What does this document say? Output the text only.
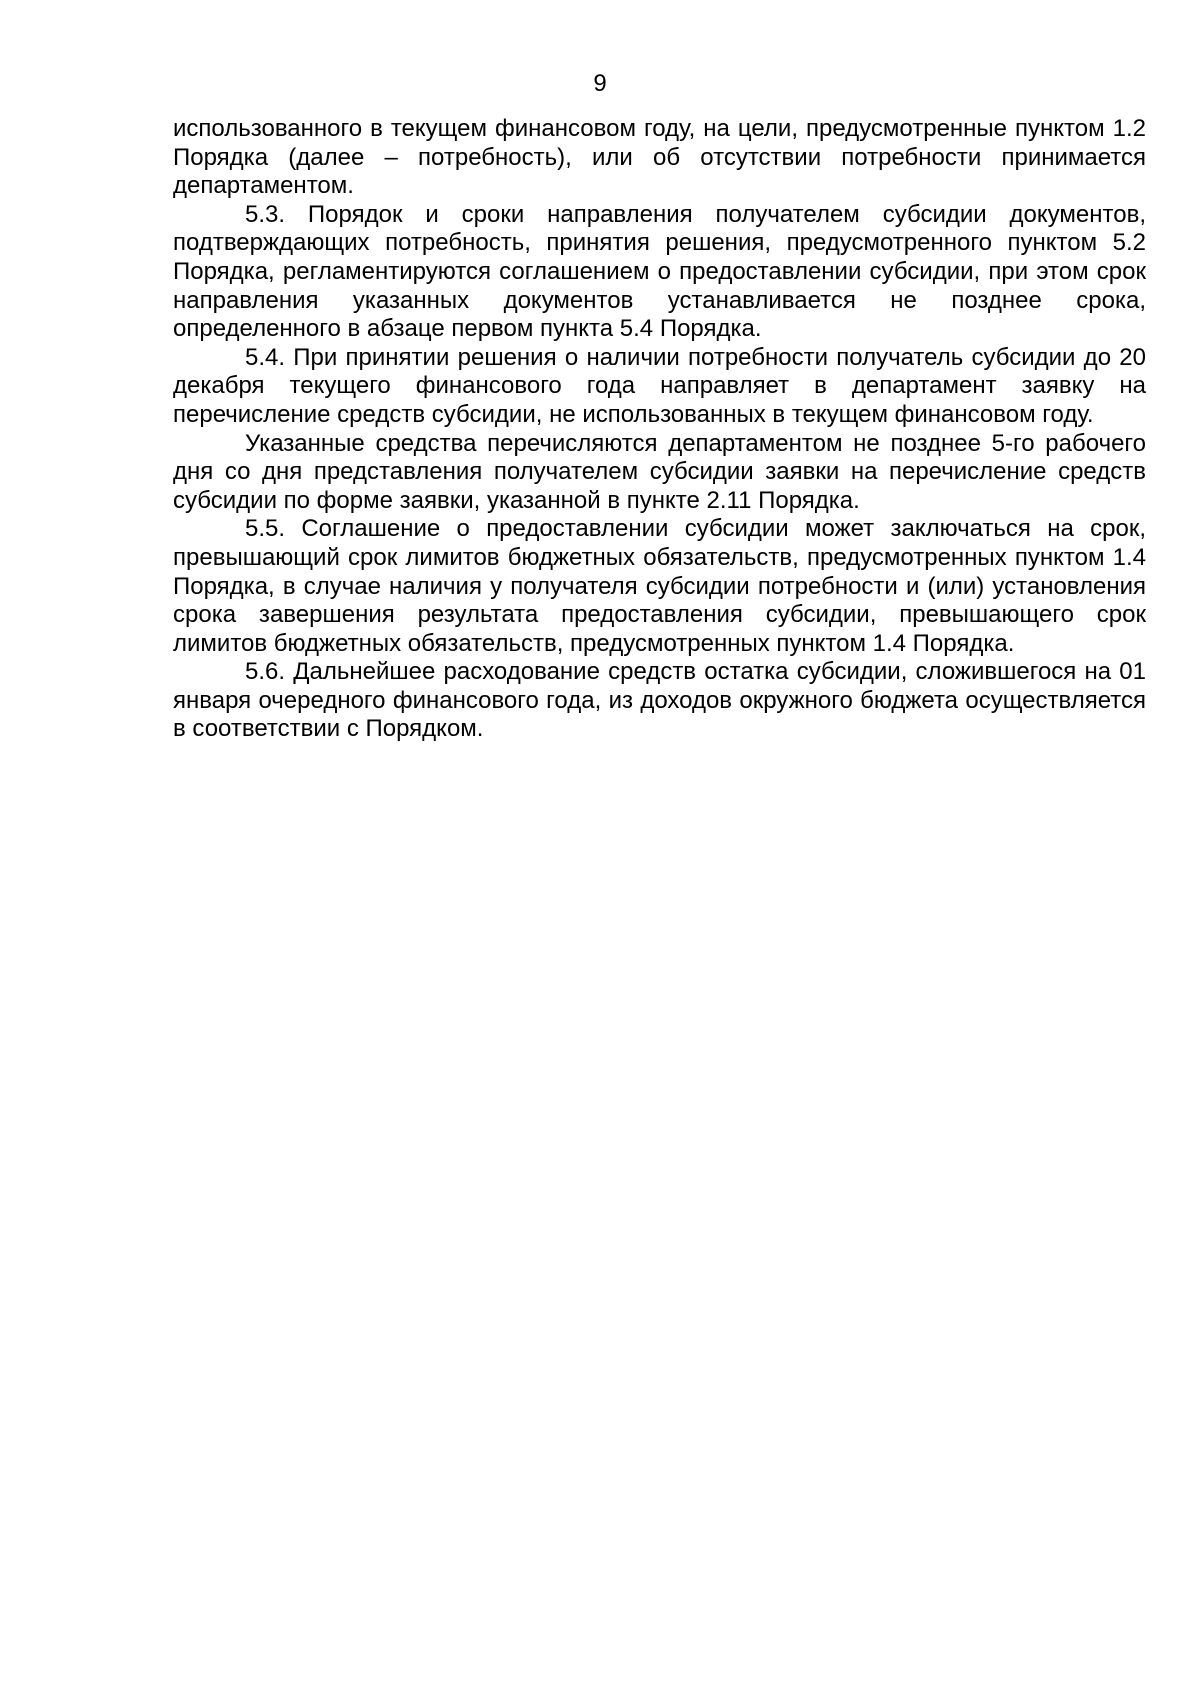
9

использованного в текущем финансовом году, на цели, предусмотренные пунктом 1.2 Порядка (далее – потребность), или об отсутствии потребности принимается департаментом.

5.3. Порядок и сроки направления получателем субсидии документов, подтверждающих потребность, принятия решения, предусмотренного пунктом 5.2 Порядка, регламентируются соглашением о предоставлении субсидии, при этом срок направления указанных документов устанавливается не позднее срока, определенного в абзаце первом пункта 5.4 Порядка.

5.4. При принятии решения о наличии потребности получатель субсидии до 20 декабря текущего финансового года направляет в департамент заявку на перечисление средств субсидии, не использованных в текущем финансовом году.

Указанные средства перечисляются департаментом не позднее 5-го рабочего дня со дня представления получателем субсидии заявки на перечисление средств субсидии по форме заявки, указанной в пункте 2.11 Порядка.

5.5. Соглашение о предоставлении субсидии может заключаться на срок, превышающий срок лимитов бюджетных обязательств, предусмотренных пунктом 1.4 Порядка, в случае наличия у получателя субсидии потребности и (или) установления срока завершения результата предоставления субсидии, превышающего срок лимитов бюджетных обязательств, предусмотренных пунктом 1.4 Порядка.

5.6. Дальнейшее расходование средств остатка субсидии, сложившегося на 01 января очередного финансового года, из доходов окружного бюджета осуществляется в соответствии с Порядком.
